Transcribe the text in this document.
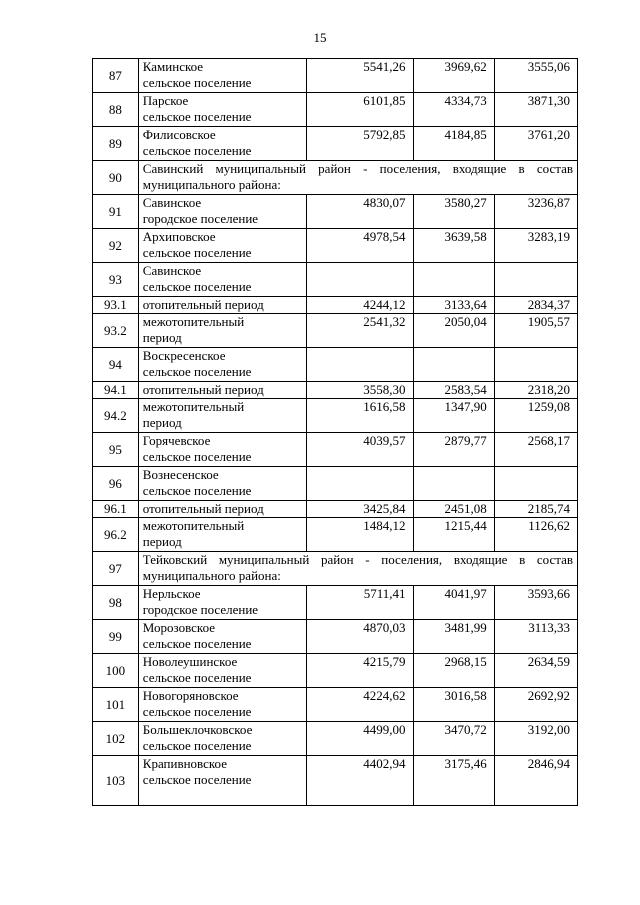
15
87	Каминское
сельское поселение	5541,26	3969,62	3555,06
88	Парское
сельское поселение	6101,85	4334,73	3871,30
89	Филисовское
сельское поселение	5792,85	4184,85	3761,20
90	Савинский муниципальный район - поселения, входящие в состав муниципального района:			
91	Савинское
городское поселение	4830,07	3580,27	3236,87
92	Архиповское
сельское поселение	4978,54	3639,58	3283,19
93	Савинское
сельское поселение			
93.1	отопительный период	4244,12	3133,64	2834,37
93.2	межотопительный
период	2541,32	2050,04	1905,57
94	Воскресенское
сельское поселение			
94.1	отопительный период	3558,30	2583,54	2318,20
94.2	межотопительный
период	1616,58	1347,90	1259,08
95	Горячевское
сельское поселение	4039,57	2879,77	2568,17
96	Вознесенское
сельское поселение			
96.1	отопительный период	3425,84	2451,08	2185,74
96.2	межотопительный
период	1484,12	1215,44	1126,62
97	Тейковский муниципальный район - поселения, входящие в состав муниципального района:			
98	Нерльское
городское поселение	5711,41	4041,97	3593,66
99	Морозовское
сельское поселение	4870,03	3481,99	3113,33
100	Новолеушинское
сельское поселение	4215,79	2968,15	2634,59
101	Новогоряновское
сельское поселение	4224,62	3016,58	2692,92
102	Большеклочковское
сельское поселение	4499,00	3470,72	3192,00
103	Крапивновское
сельское поселение	4402,94	3175,46	2846,94
